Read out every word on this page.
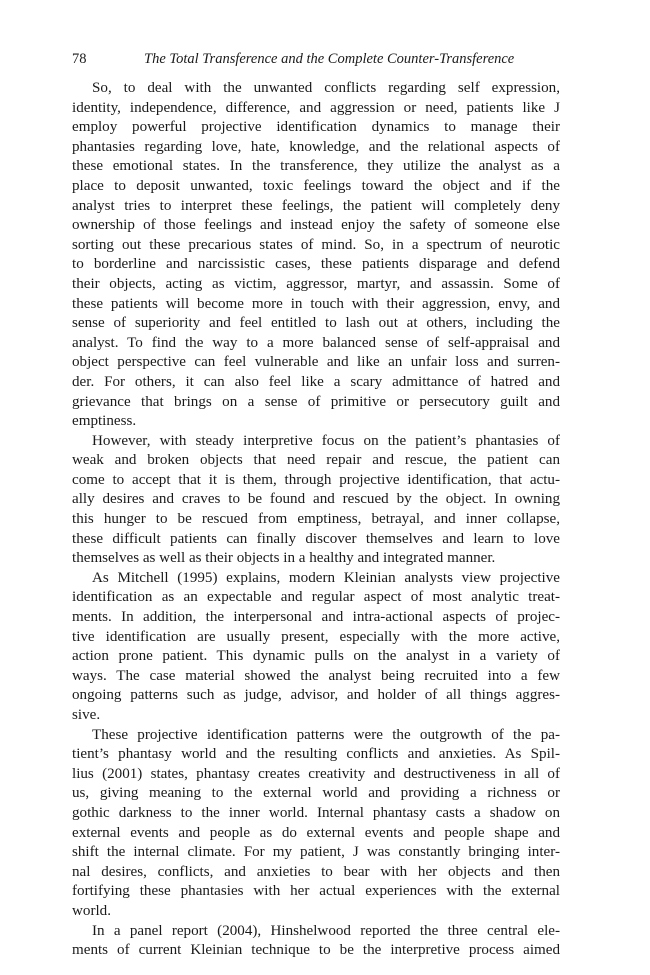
78	The Total Transference and the Complete Counter-Transference
So, to deal with the unwanted conflicts regarding self expression,
identity, independence, difference, and aggression or need, patients like J
employ powerful projective identification dynamics to manage their
phantasies regarding love, hate, knowledge, and the relational aspects of
these emotional states. In the transference, they utilize the analyst as a
place to deposit unwanted, toxic feelings toward the object and if the
analyst tries to interpret these feelings, the patient will completely deny
ownership of those feelings and instead enjoy the safety of someone else
sorting out these precarious states of mind. So, in a spectrum of neurotic
to borderline and narcissistic cases, these patients disparage and defend
their objects, acting as victim, aggressor, martyr, and assassin. Some of
these patients will become more in touch with their aggression, envy, and
sense of superiority and feel entitled to lash out at others, including the
analyst. To find the way to a more balanced sense of self-appraisal and
object perspective can feel vulnerable and like an unfair loss and surren-
der. For others, it can also feel like a scary admittance of hatred and
grievance that brings on a sense of primitive or persecutory guilt and
emptiness.
However, with steady interpretive focus on the patient’s phantasies of
weak and broken objects that need repair and rescue, the patient can
come to accept that it is them, through projective identification, that actu-
ally desires and craves to be found and rescued by the object. In owning
this hunger to be rescued from emptiness, betrayal, and inner collapse,
these difficult patients can finally discover themselves and learn to love
themselves as well as their objects in a healthy and integrated manner.
As Mitchell (1995) explains, modern Kleinian analysts view projective
identification as an expectable and regular aspect of most analytic treat-
ments. In addition, the interpersonal and intra-actional aspects of projec-
tive identification are usually present, especially with the more active,
action prone patient. This dynamic pulls on the analyst in a variety of
ways. The case material showed the analyst being recruited into a few
ongoing patterns such as judge, advisor, and holder of all things aggres-
sive.
These projective identification patterns were the outgrowth of the pa-
tient’s phantasy world and the resulting conflicts and anxieties. As Spil-
lius (2001) states, phantasy creates creativity and destructiveness in all of
us, giving meaning to the external world and providing a richness or
gothic darkness to the inner world. Internal phantasy casts a shadow on
external events and people as do external events and people shape and
shift the internal climate. For my patient, J was constantly bringing inter-
nal desires, conflicts, and anxieties to bear with her objects and then
fortifying these phantasies with her actual experiences with the external
world.
In a panel report (2004), Hinshelwood reported the three central ele-
ments of current Kleinian technique to be the interpretive process aimed
